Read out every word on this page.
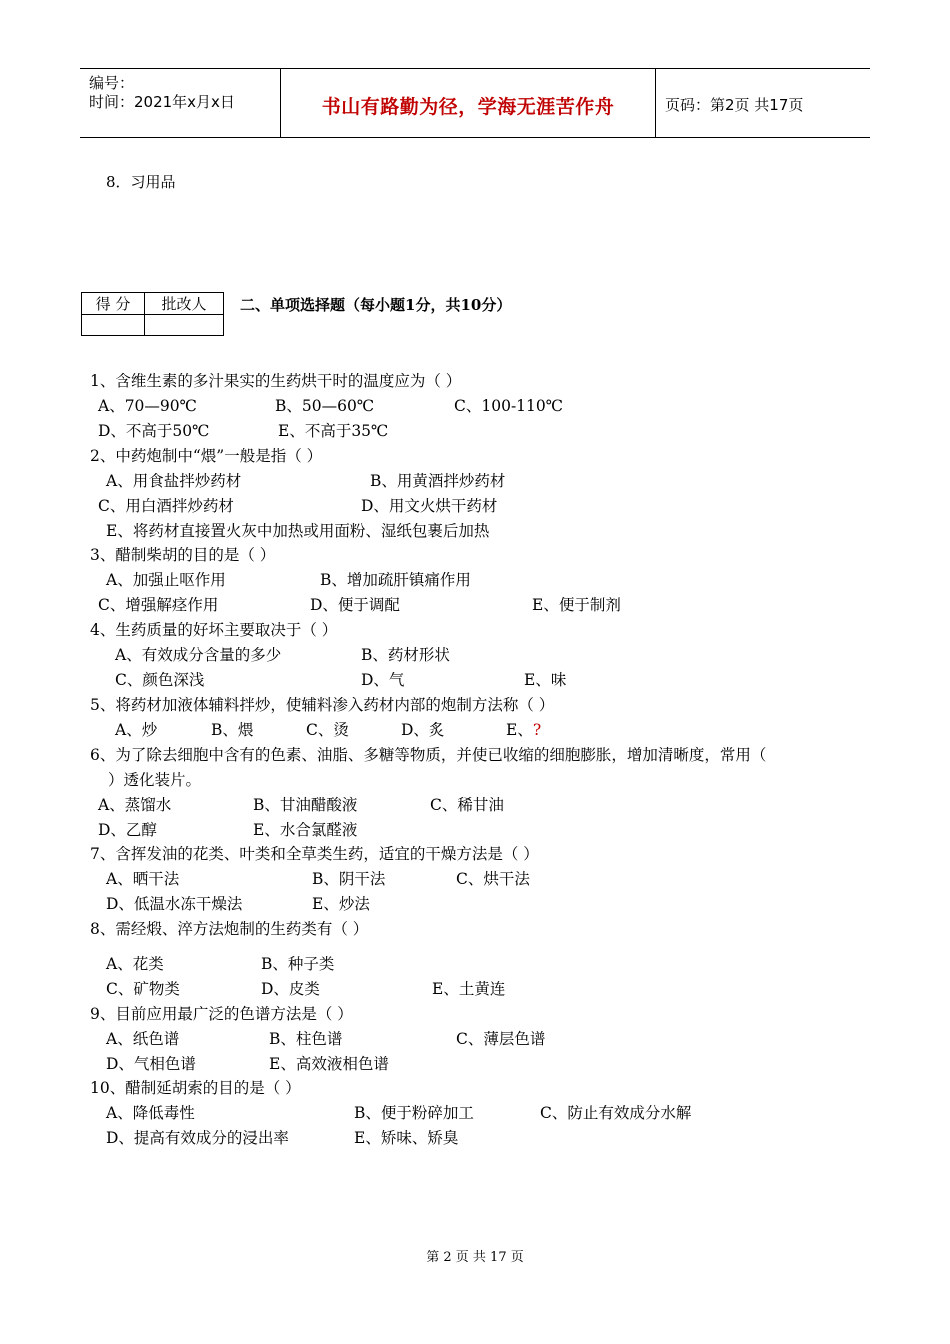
编号：
时间：2021年x月x日	书山有路勤为径，学海无涯苦作舟	页码：第2页 共17页
8．习用品
得 分	批改人
	二、单项选择题（每小题1分，共10分）
1、含维生素的多汁果实的生药烘干时的温度应为（ ）
A、70—90℃	B、50—60℃	C、100-110℃
D、不高于50℃	E、不高于35℃
2、中药炮制中“煨”一般是指（ ）
A、用食盐拌炒药材	B、用黄酒拌炒药材
C、用白酒拌炒药材	D、用文火烘干药材
E、将药材直接置火灰中加热或用面粉、湿纸包裹后加热
3、醋制柴胡的目的是（ ）
A、加强止呕作用	B、增加疏肝镇痛作用
C、增强解痉作用	D、便于调配	E、便于制剂
4、生药质量的好坏主要取决于（ ）
A、有效成分含量的多少	B、药材形状
C、颜色深浅	D、气	E、味
5、将药材加液体辅料拌炒，使辅料渗入药材内部的炮制方法称（ ）
A、炒	B、煨	C、烫	D、炙	E、?
6、为了除去细胞中含有的色素、油脂、多糖等物质，并使已收缩的细胞膨胀，增加清晰度，常用（
）透化装片。
A、蒸馏水	B、甘油醋酸液	C、稀甘油
D、乙醇	E、水合氯醛液
7、含挥发油的花类、叶类和全草类生药，适宜的干燥方法是（ ）
A、晒干法	B、阴干法	C、烘干法
D、低温水冻干燥法	E、炒法
8、需经煅、淬方法炮制的生药类有（ ）
A、花类	B、种子类
C、矿物类	D、皮类	E、土黄连
9、目前应用最广泛的色谱方法是（ ）
A、纸色谱	B、柱色谱	C、薄层色谱
D、气相色谱	E、高效液相色谱
10、醋制延胡索的目的是（ ）
A、降低毒性	B、便于粉碎加工	C、防止有效成分水解
D、提高有效成分的浸出率	E、矫味、矫臭
第 2 页 共 17 页
